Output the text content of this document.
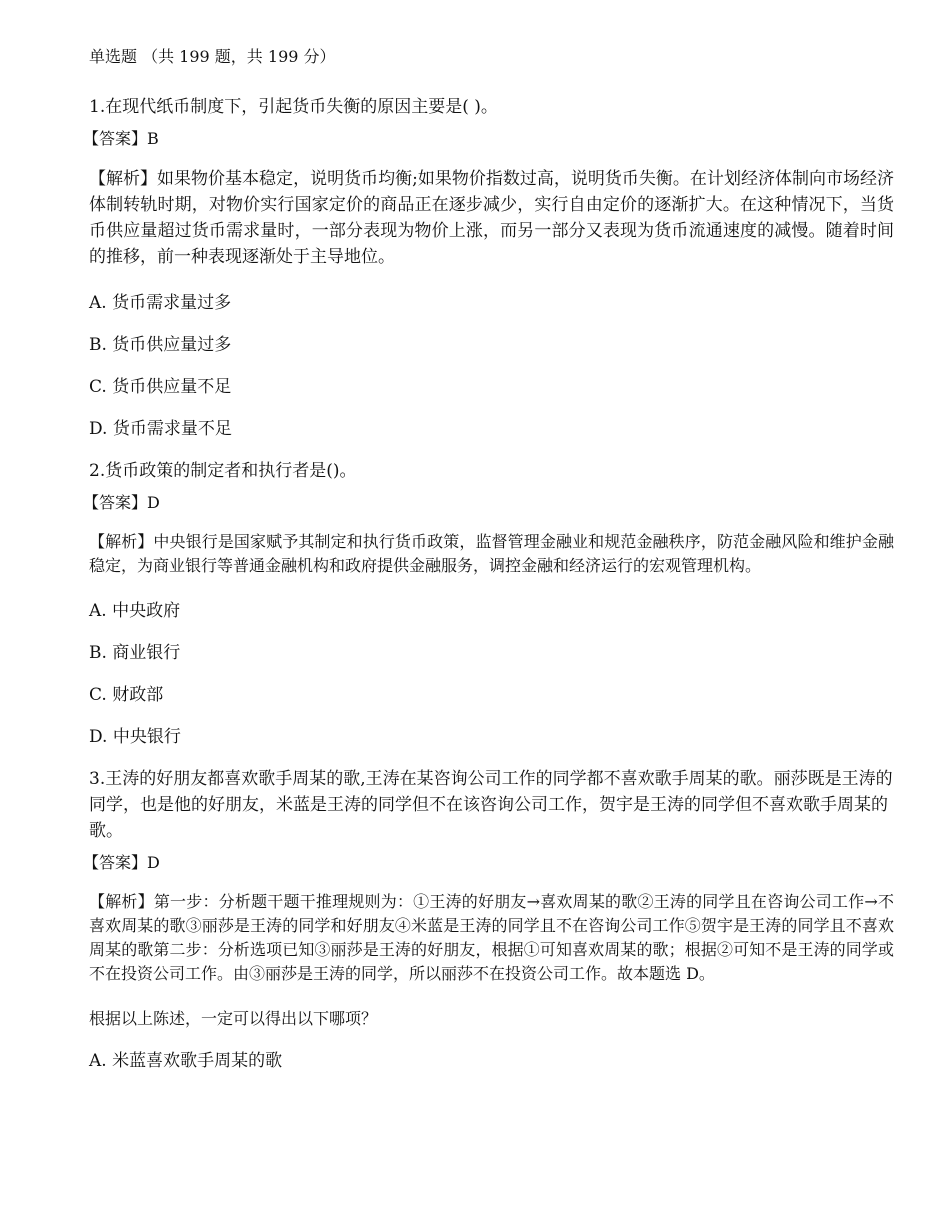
单选题 （共 199 题，共 199 分）

1.在现代纸币制度下，引起货币失衡的原因主要是( )。

【答案】B

【解析】如果物价基本稳定，说明货币均衡;如果物价指数过高，说明货币失衡。在计划经济体制向市场经济体制转轨时期，对物价实行国家定价的商品正在逐步减少，实行自由定价的逐渐扩大。在这种情况下，当货币供应量超过货币需求量时，一部分表现为物价上涨，而另一部分又表现为货币流通速度的减慢。随着时间的推移，前一种表现逐渐处于主导地位。

A. 货币需求量过多

B. 货币供应量过多

C. 货币供应量不足

D. 货币需求量不足

2.货币政策的制定者和执行者是()。

【答案】D

【解析】中央银行是国家赋予其制定和执行货币政策，监督管理金融业和规范金融秩序，防范金融风险和维护金融稳定，为商业银行等普通金融机构和政府提供金融服务，调控金融和经济运行的宏观管理机构。

A. 中央政府

B. 商业银行

C. 财政部

D. 中央银行

3.王涛的好朋友都喜欢歌手周某的歌,王涛在某咨询公司工作的同学都不喜欢歌手周某的歌。丽莎既是王涛的同学，也是他的好朋友，米蓝是王涛的同学但不在该咨询公司工作，贺宇是王涛的同学但不喜欢歌手周某的歌。

【答案】D

【解析】第一步：分析题干题干推理规则为：①王涛的好朋友→喜欢周某的歌②王涛的同学且在咨询公司工作→不喜欢周某的歌③丽莎是王涛的同学和好朋友④米蓝是王涛的同学且不在咨询公司工作⑤贺宇是王涛的同学且不喜欢周某的歌第二步：分析选项已知③丽莎是王涛的好朋友，根据①可知喜欢周某的歌；根据②可知不是王涛的同学或不在投资公司工作。由③丽莎是王涛的同学，所以丽莎不在投资公司工作。故本题选 D。

根据以上陈述，一定可以得出以下哪项？

A. 米蓝喜欢歌手周某的歌
